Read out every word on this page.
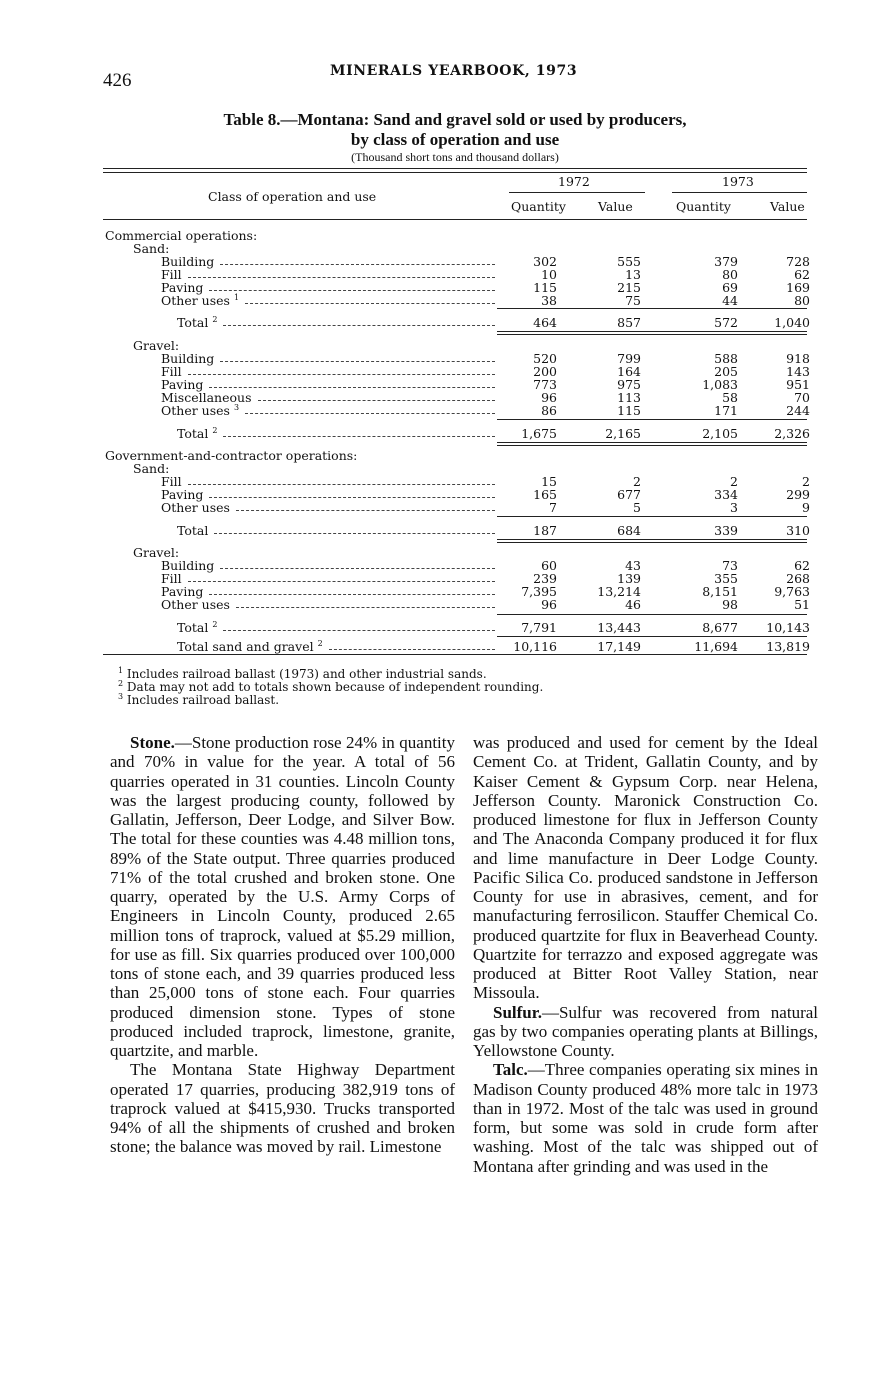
426	MINERALS YEARBOOK, 1973
Table 8.—Montana: Sand and gravel sold or used by producers,
by class of operation and use
(Thousand short tons and thousand dollars)
Class of operation and use
1972	1973
Quantity	Value	Quantity	Value
Commercial operations:
Sand:
Building	302	555	379	728
Fill	10	13	80	62
Paving	115	215	69	169
Other uses $^1$	38	75	44	80
Total $^2$	464	857	572	1,040
Gravel:
Building	520	799	588	918
Fill	200	164	205	143
Paving	773	975	1,083	951
Miscellaneous	96	113	58	70
Other uses $^3$	86	115	171	244
Total $^2$	1,675	2,165	2,105	2,326
Government-and-contractor operations:
Sand:
Fill	15	2	2	2
Paving	165	677	334	299
Other uses	7	5	3	9
Total	187	684	339	310
Gravel:
Building	60	43	73	62
Fill	239	139	355	268
Paving	7,395	13,214	8,151	9,763
Other uses	96	46	98	51
Total $^2$	7,791	13,443	8,677	10,143
Total sand and gravel $^2$	10,116	17,149	11,694	13,819
$^1$ Includes railroad ballast (1973) and other industrial sands.
$^2$ Data may not add to totals shown because of independent rounding.
$^3$ Includes railroad ballast.

Stone.—Stone production rose 24% in quantity and 70% in value for the year. A total of 56 quarries operated in 31 counties. Lincoln County was the largest producing county, followed by Gallatin, Jefferson, Deer Lodge, and Silver Bow. The total for these counties was 4.48 million tons, 89% of the State output. Three quarries produced 71% of the total crushed and broken stone. One quarry, operated by the U.S. Army Corps of Engineers in Lincoln County, produced 2.65 million tons of traprock, valued at $5.29 million, for use as fill. Six quarries produced over 100,000 tons of stone each, and 39 quarries produced less than 25,000 tons of stone each. Four quarries produced dimension stone. Types of stone produced included traprock, limestone, granite, quartzite, and marble.

The Montana State Highway Department operated 17 quarries, producing 382,919 tons of traprock valued at $415,930. Trucks transported 94% of all the shipments of crushed and broken stone; the balance was moved by rail. Limestone

was produced and used for cement by the Ideal Cement Co. at Trident, Gallatin County, and by Kaiser Cement & Gypsum Corp. near Helena, Jefferson County. Maronick Construction Co. produced limestone for flux in Jefferson County and The Anaconda Company produced it for flux and lime manufacture in Deer Lodge County. Pacific Silica Co. produced sandstone in Jefferson County for use in abrasives, cement, and for manufacturing ferrosilicon. Stauffer Chemical Co. produced quartzite for flux in Beaverhead County. Quartzite for terrazzo and exposed aggregate was produced at Bitter Root Valley Station, near Missoula.

Sulfur.—Sulfur was recovered from natural gas by two companies operating plants at Billings, Yellowstone County.

Talc.—Three companies operating six mines in Madison County produced 48% more talc in 1973 than in 1972. Most of the talc was used in ground form, but some was sold in crude form after washing. Most of the talc was shipped out of Montana after grinding and was used in the
